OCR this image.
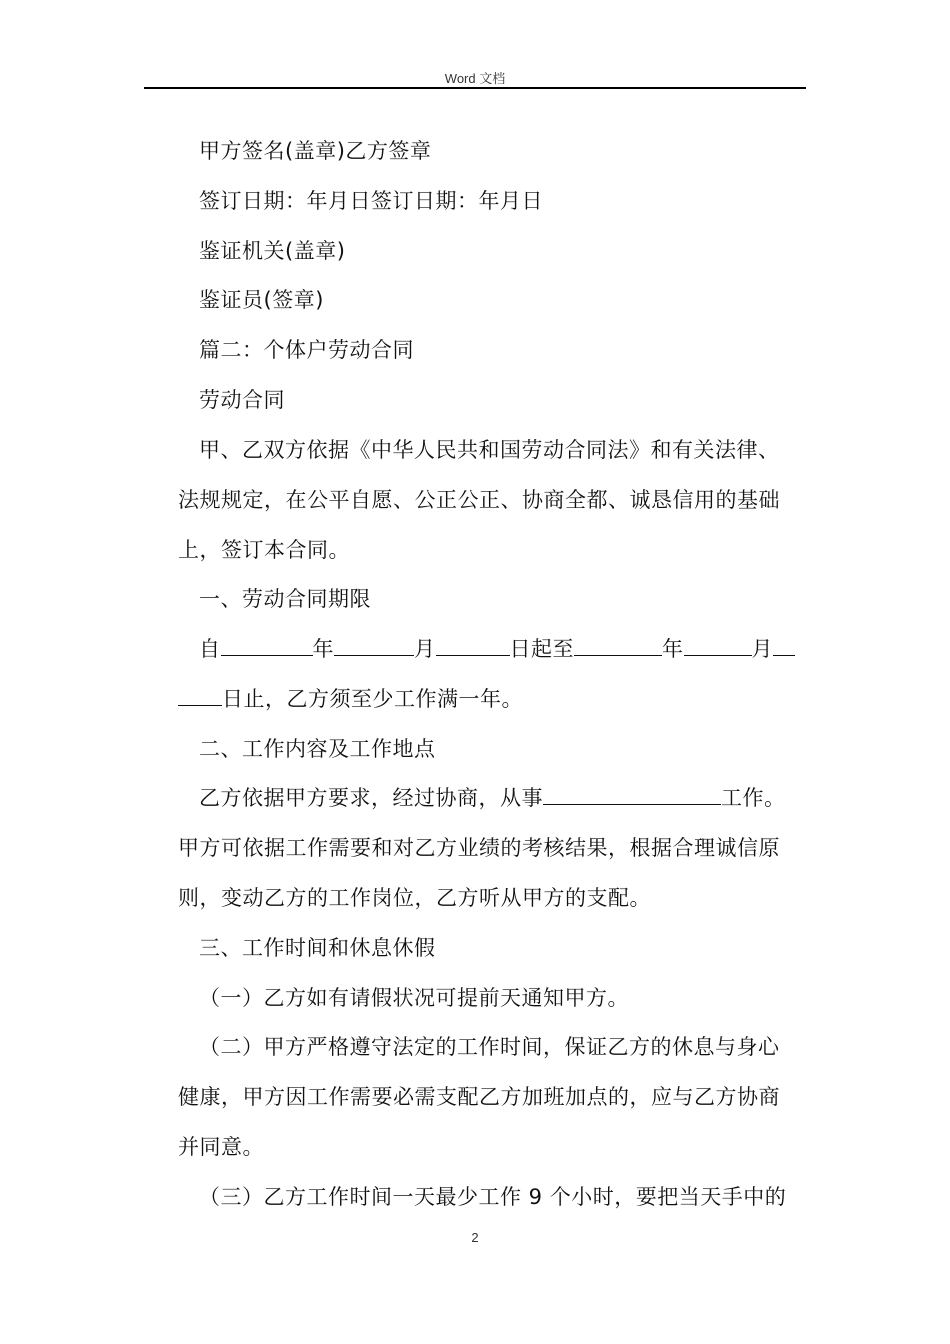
Word 文档
甲方签名(盖章)乙方签章
签订日期：年月日签订日期：年月日
鉴证机关(盖章)
鉴证员(签章)
篇二：个体户劳动合同
劳动合同
甲、乙双方依据《中华人民共和国劳动合同法》和有关法律、
法规规定，在公平自愿、公正公正、协商全都、诚恳信用的基础
上，签订本合同。
一、劳动合同期限
自	年	月	日起至	年	月
日止，乙方须至少工作满一年。
二、工作内容及工作地点
乙方依据甲方要求，经过协商，从事	工作。
甲方可依据工作需要和对乙方业绩的考核结果，根据合理诚信原
则，变动乙方的工作岗位，乙方听从甲方的支配。
三、工作时间和休息休假
（一）乙方如有请假状况可提前天通知甲方。
（二）甲方严格遵守法定的工作时间，保证乙方的休息与身心
健康，甲方因工作需要必需支配乙方加班加点的，应与乙方协商
并同意。
（三）乙方工作时间一天最少工作 9 个小时，要把当天手中的
2
